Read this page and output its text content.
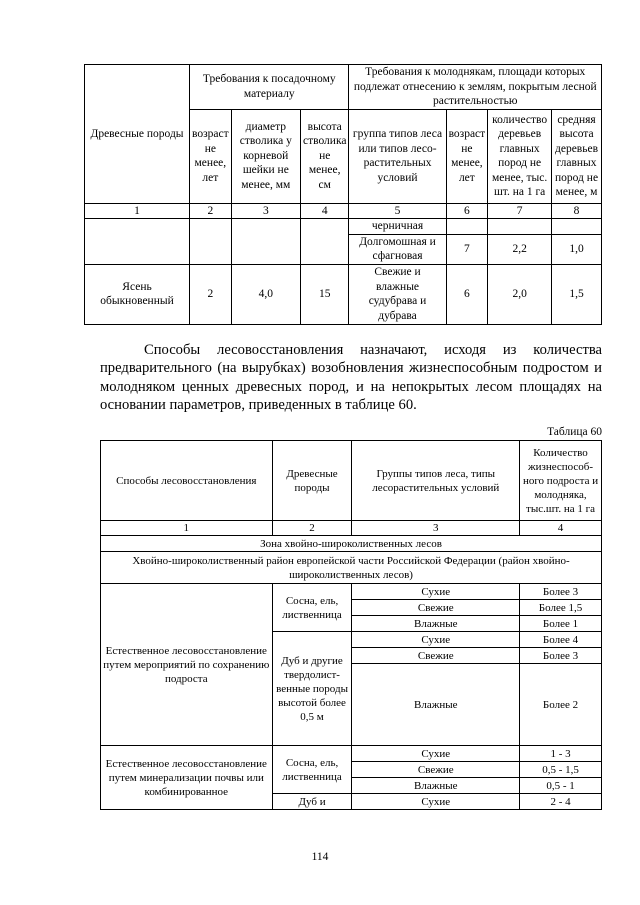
Древесные породы	Требования к посадочному материалу			Требования к молоднякам, площади которых подлежат отнесению к землям, покрытым лесной растительностью			
	возраст не менее, лет	диаметр стволика у корневой шейки не менее, мм	высота стволика не менее, см	группа типов леса или типов лесо-растительных условий	возраст не менее, лет	количество деревьев главных пород не менее, тыс. шт. на 1 га	средняя высота деревьев главных пород не менее, м
1	2	3	4	5	6	7	8
				черничная			
				Долгомошная и сфагновая	7	2,2	1,0
Ясень обыкновенный	2	4,0	15	Свежие и влажные судубрава и дубрава	6	2,0	1,5
Способы лесовосстановления назначают, исходя из количества предварительного (на вырубках) возобновления жизнеспособным подростом и молодняком ценных древесных пород, и на непокрытых лесом площадях на основании параметров, приведенных в таблице 60.
Таблица 60
Способы лесовосстановления	Древесные породы	Группы типов леса, типы лесорастительных условий	Количество жизнеспособ-ного подроста и молодняка, тыс.шт. на 1 га
1	2	3	4
Зона хвойно-широколиственных лесов			
Хвойно-широколиственный район европейской части Российской Федерации (район хвойно-широколиственных лесов)			
Естественное лесовосстановление путем мероприятий по сохранению подроста	Сосна, ель, лиственница	Сухие	Более 3
		Свежие	Более 1,5
		Влажные	Более 1
	Дуб и другие твердолист-венные породы высотой более 0,5 м	Сухие	Более 4
		Свежие	Более 3
		Влажные	Более 2
Естественное лесовосстановление путем минерализации почвы или комбинированное	Сосна, ель, лиственница	Сухие	1 - 3
		Свежие	0,5 - 1,5
		Влажные	0,5 - 1
	Дуб и	Сухие	2 - 4
114
